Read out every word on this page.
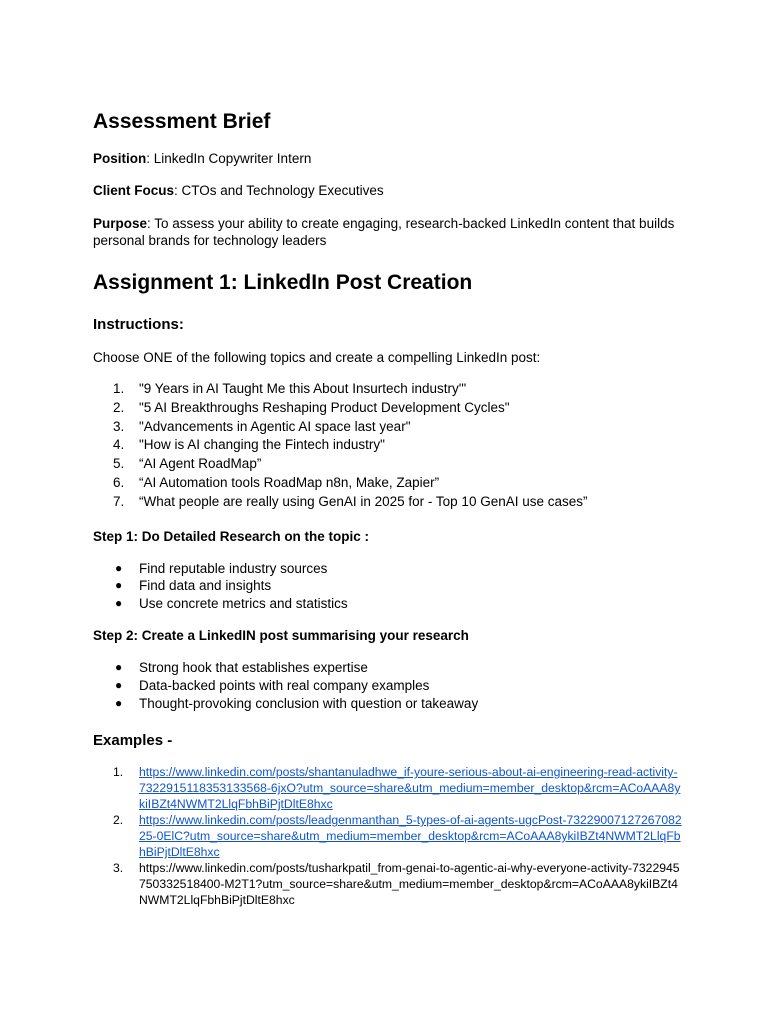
Assessment Brief

Position: LinkedIn Copywriter Intern

Client Focus: CTOs and Technology Executives

Purpose: To assess your ability to create engaging, research-backed LinkedIn content that builds personal brands for technology leaders

Assignment 1: LinkedIn Post Creation
Instructions:

Choose ONE of the following topics and create a compelling LinkedIn post:

1. "9 Years in AI Taught Me this About Insurtech industry'"
2. "5 AI Breakthroughs Reshaping Product Development Cycles"
3. "Advancements in Agentic AI space last year"
4. "How is AI changing the Fintech industry"
5. “AI Agent RoadMap”
6. “AI Automation tools RoadMap n8n, Make, Zapier”
7. “What people are really using GenAI in 2025 for - Top 10 GenAI use cases”

Step 1: Do Detailed Research on the topic :

● Find reputable industry sources
● Find data and insights
● Use concrete metrics and statistics

Step 2: Create a LinkedIN post summarising your research

● Strong hook that establishes expertise
● Data-backed points with real company examples
● Thought-provoking conclusion with question or takeaway
Examples -
1. https://www.linkedin.com/posts/shantanuladhwe_if-youre-serious-about-ai-engineering-read-activity-7322915118353133568-6jxO?utm_source=share&utm_medium=member_desktop&rcm=ACoAAA8ykiIBZt4NWMT2LlqFbhBiPjtDltE8hxc
2. https://www.linkedin.com/posts/leadgenmanthan_5-types-of-ai-agents-ugcPost-7322900712726708225-0ElC?utm_source=share&utm_medium=member_desktop&rcm=ACoAAA8ykiIBZt4NWMT2LlqFbhBiPjtDltE8hxc
3. https://www.linkedin.com/posts/tusharkpatil_from-genai-to-agentic-ai-why-everyone-activity-7322945750332518400-M2T1?utm_source=share&utm_medium=member_desktop&rcm=ACoAAA8ykiIBZt4NWMT2LlqFbhBiPjtDltE8hxc
